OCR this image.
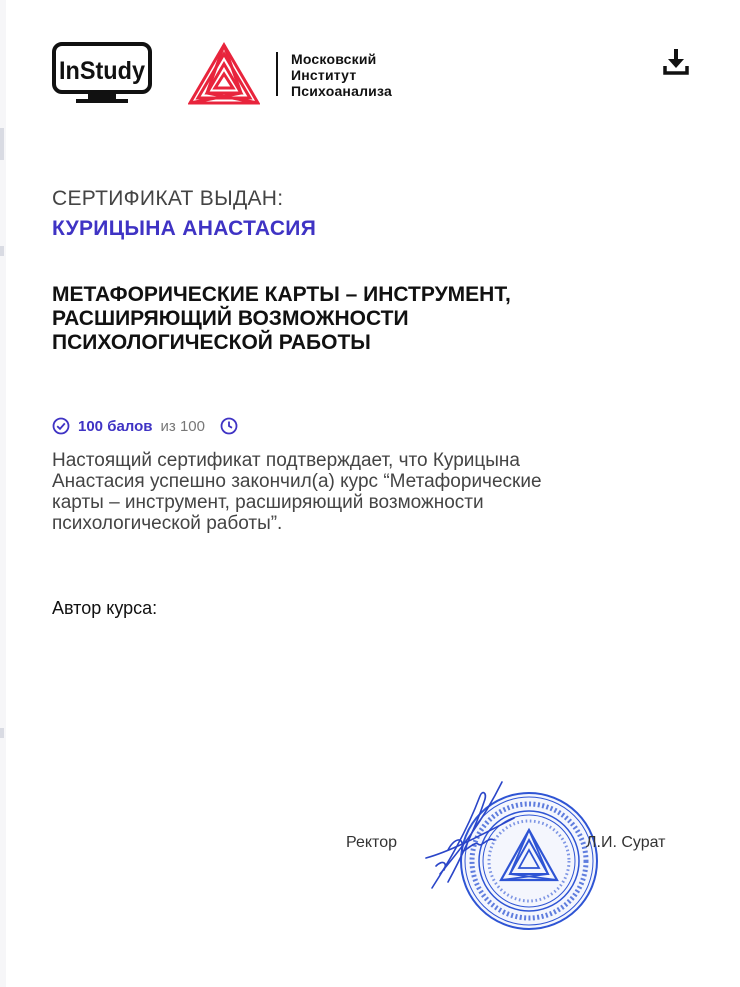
InStudy	Московский
Институт
Психоанализа
СЕРТИФИКАТ ВЫДАН:
КУРИЦЫНА АНАСТАСИЯ
МЕТАФОРИЧЕСКИЕ КАРТЫ – ИНСТРУМЕНТ,
РАСШИРЯЮЩИЙ ВОЗМОЖНОСТИ
ПСИХОЛОГИЧЕСКОЙ РАБОТЫ
100 балов из 100
Настоящий сертификат подтверждает, что Курицына
Анастасия успешно закончил(а) курс “Метафорические
карты – инструмент, расширяющий возможности
психологической работы”.
Автор курса:
Ректор	Л.И. Сурат
